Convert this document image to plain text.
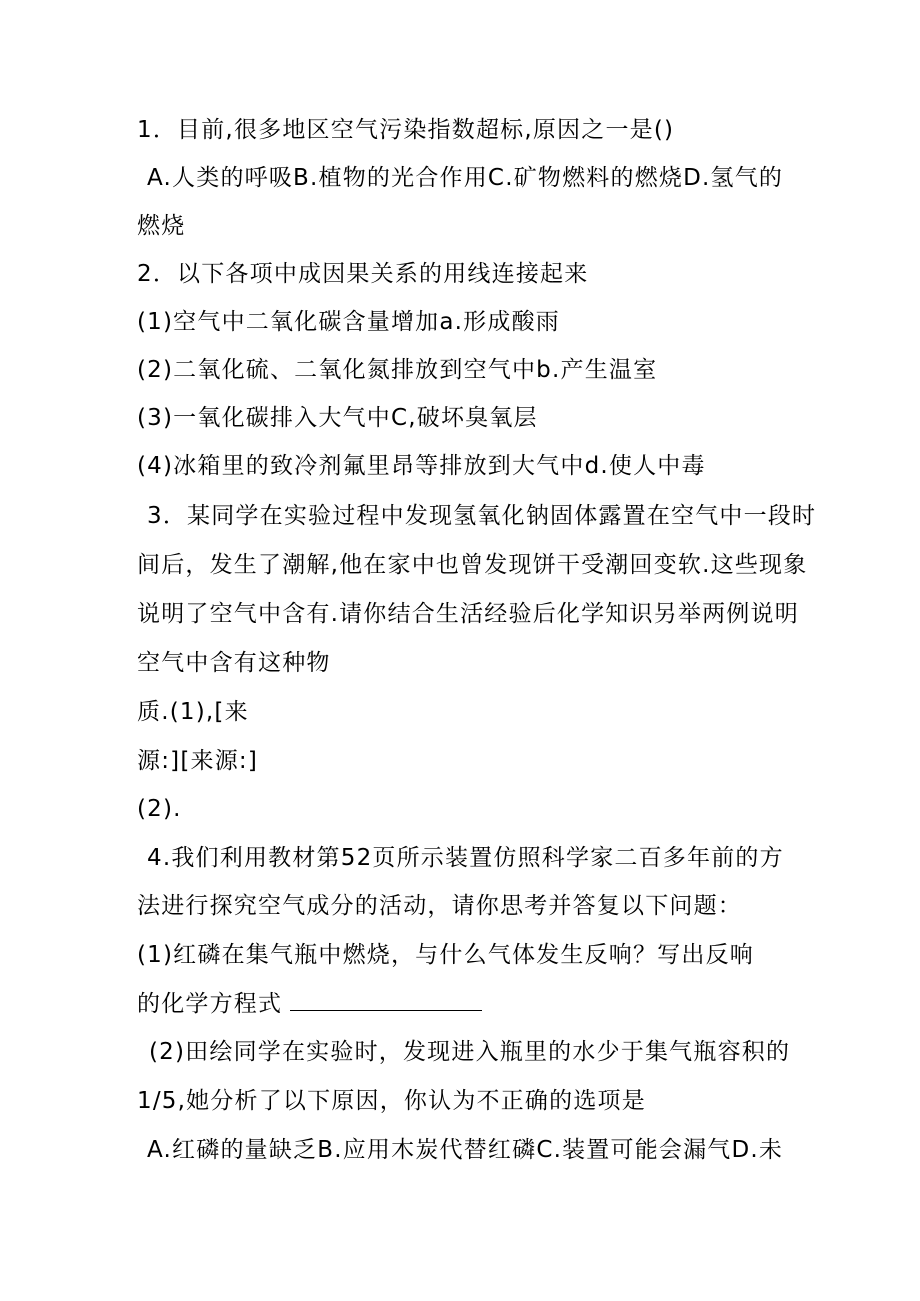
1．目前,很多地区空气污染指数超标,原因之一是()
A.人类的呼吸B.植物的光合作用C.矿物燃料的燃烧D.氢气的
燃烧
2．以下各项中成因果关系的用线连接起来
(1)空气中二氧化碳含量增加a.形成酸雨
(2)二氧化硫、二氧化氮排放到空气中b.产生温室
(3)一氧化碳排入大气中C,破坏臭氧层
(4)冰箱里的致冷剂氟里昂等排放到大气中d.使人中毒
3．某同学在实验过程中发现氢氧化钠固体露置在空气中一段时
间后，发生了潮解,他在家中也曾发现饼干受潮回变软.这些现象
说明了空气中含有.请你结合生活经验后化学知识另举两例说明
空气中含有这种物
质.(1),[来
源:][来源:]
(2).
4.我们利用教材第52页所示装置仿照科学家二百多年前的方
法进行探究空气成分的活动，请你思考并答复以下问题：
(1)红磷在集气瓶中燃烧，与什么气体发生反响？写出反响
的化学方程式
(2)田绘同学在实验时，发现进入瓶里的水少于集气瓶容积的
1/5,她分析了以下原因，你认为不正确的选项是
A.红磷的量缺乏B.应用木炭代替红磷C.装置可能会漏气D.未
